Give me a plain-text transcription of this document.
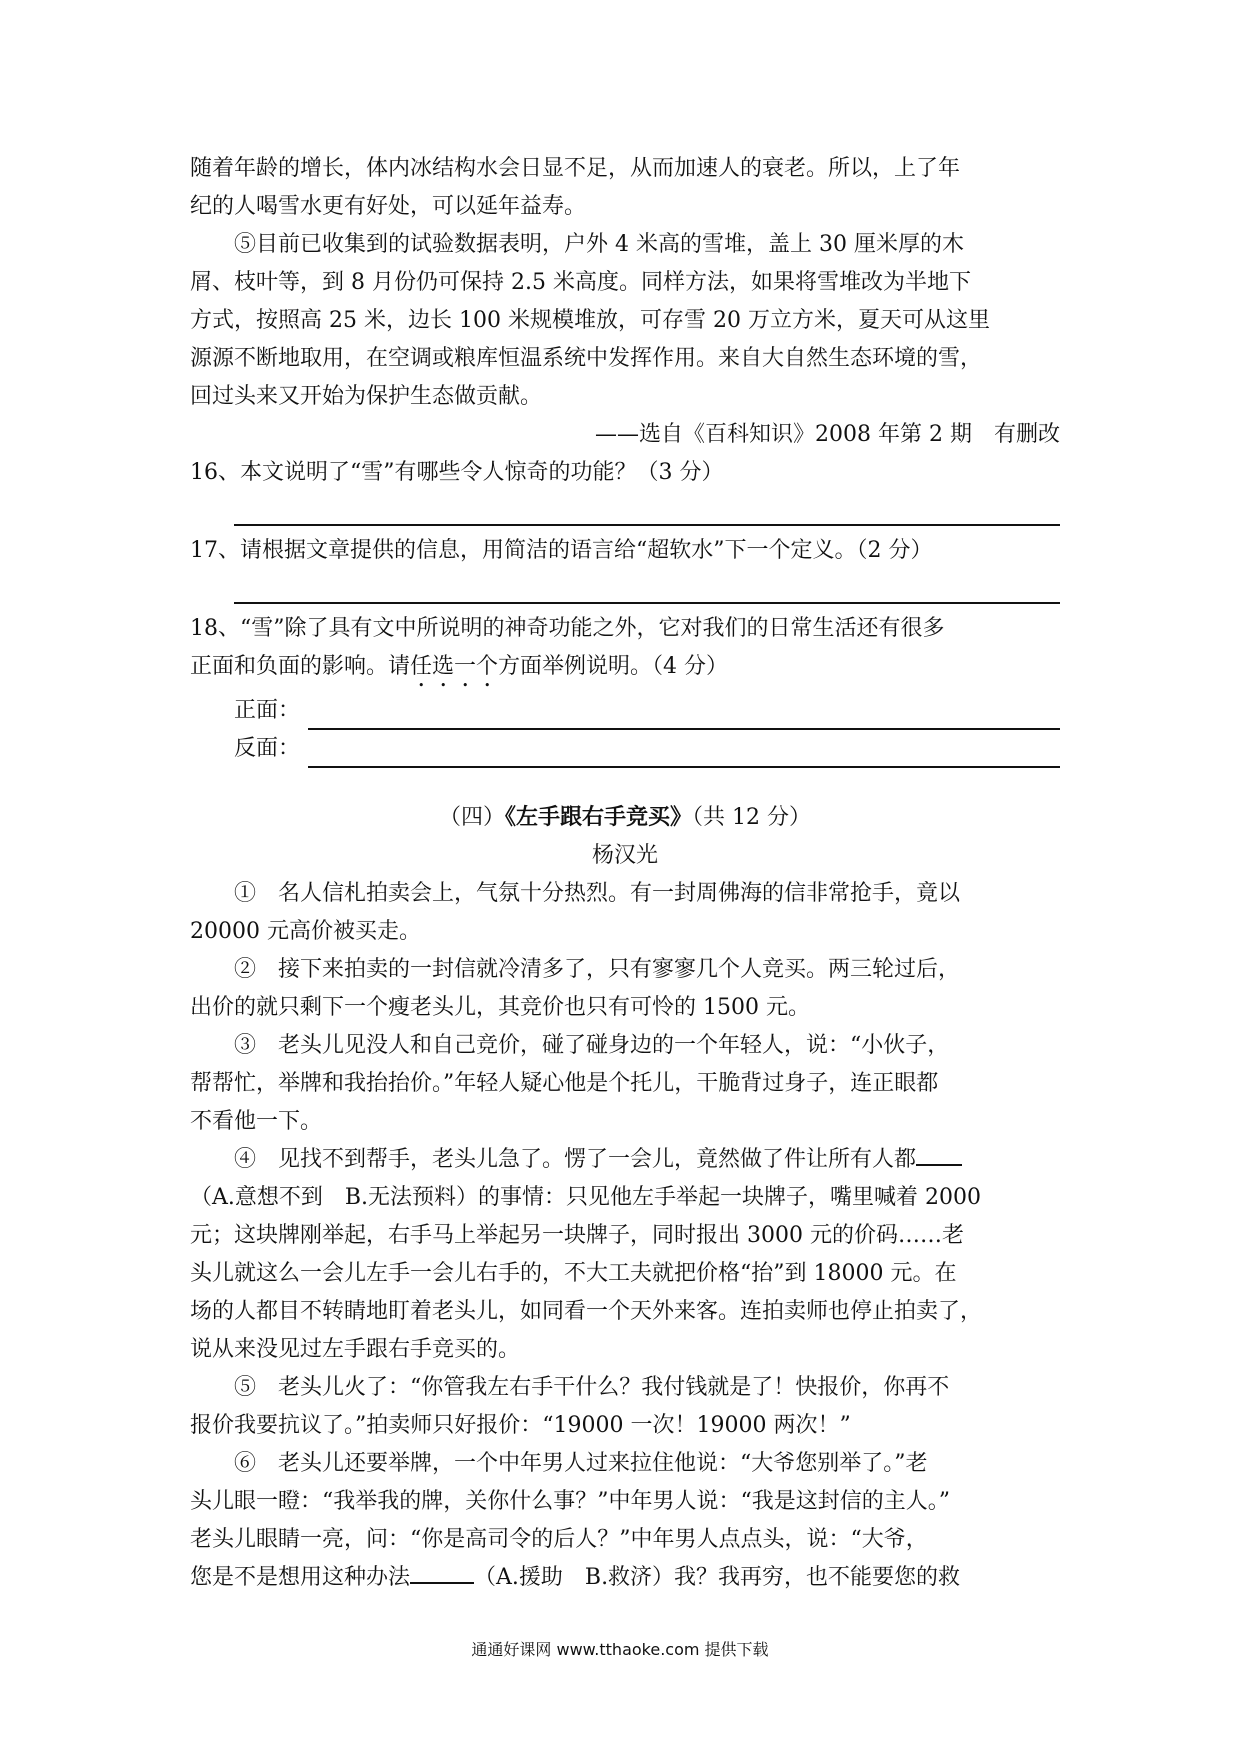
随着年龄的增长，体内冰结构水会日显不足，从而加速人的衰老。所以，上了年

纪的人喝雪水更有好处，可以延年益寿。

⑤目前已收集到的试验数据表明，户外 4 米高的雪堆，盖上 30 厘米厚的木

屑、枝叶等，到 8 月份仍可保持 2.5 米高度。同样方法，如果将雪堆改为半地下

方式，按照高 25 米，边长 100 米规模堆放，可存雪 20 万立方米，夏天可从这里

源源不断地取用，在空调或粮库恒温系统中发挥作用。来自大自然生态环境的雪，

回过头来又开始为保护生态做贡献。

——选自《百科知识》2008 年第 2 期　有删改

16、本文说明了“雪”有哪些令人惊奇的功能？（3 分）

17、请根据文章提供的信息，用简洁的语言给“超软水”下一个定义。（2 分）

18、“雪”除了具有文中所说明的神奇功能之外，它对我们的日常生活还有很多

正面和负面的影响。请任选一个方面举例说明。（4 分）

正面：
反面：

（四）《左手跟右手竞买》（共 12 分）

杨汉光

①　名人信札拍卖会上，气氛十分热烈。有一封周佛海的信非常抢手，竟以

20000 元高价被买走。

②　接下来拍卖的一封信就冷清多了，只有寥寥几个人竞买。两三轮过后，

出价的就只剩下一个瘦老头儿，其竞价也只有可怜的 1500 元。

③　老头儿见没人和自己竞价，碰了碰身边的一个年轻人，说：“小伙子，

帮帮忙，举牌和我抬抬价。”年轻人疑心他是个托儿，干脆背过身子，连正眼都

不看他一下。

④　见找不到帮手，老头儿急了。愣了一会儿，竟然做了件让所有人都

（A.意想不到　B.无法预料）的事情：只见他左手举起一块牌子，嘴里喊着 2000

元；这块牌刚举起，右手马上举起另一块牌子，同时报出 3000 元的价码……老

头儿就这么一会儿左手一会儿右手的，不大工夫就把价格“抬”到 18000 元。在

场的人都目不转睛地盯着老头儿，如同看一个天外来客。连拍卖师也停止拍卖了，

说从来没见过左手跟右手竞买的。

⑤　老头儿火了：“你管我左右手干什么？我付钱就是了！快报价，你再不

报价我要抗议了。”拍卖师只好报价：“19000 一次！19000 两次！”

⑥　老头儿还要举牌，一个中年男人过来拉住他说：“大爷您别举了。”老

头儿眼一瞪：“我举我的牌，关你什么事？”中年男人说：“我是这封信的主人。”

老头儿眼睛一亮，问：“你是高司令的后人？”中年男人点点头，说：“大爷，

您是不是想用这种办法	（A.援助　B.救济）我？我再穷，也不能要您的救

通通好课网 www.tthaoke.com 提供下载
